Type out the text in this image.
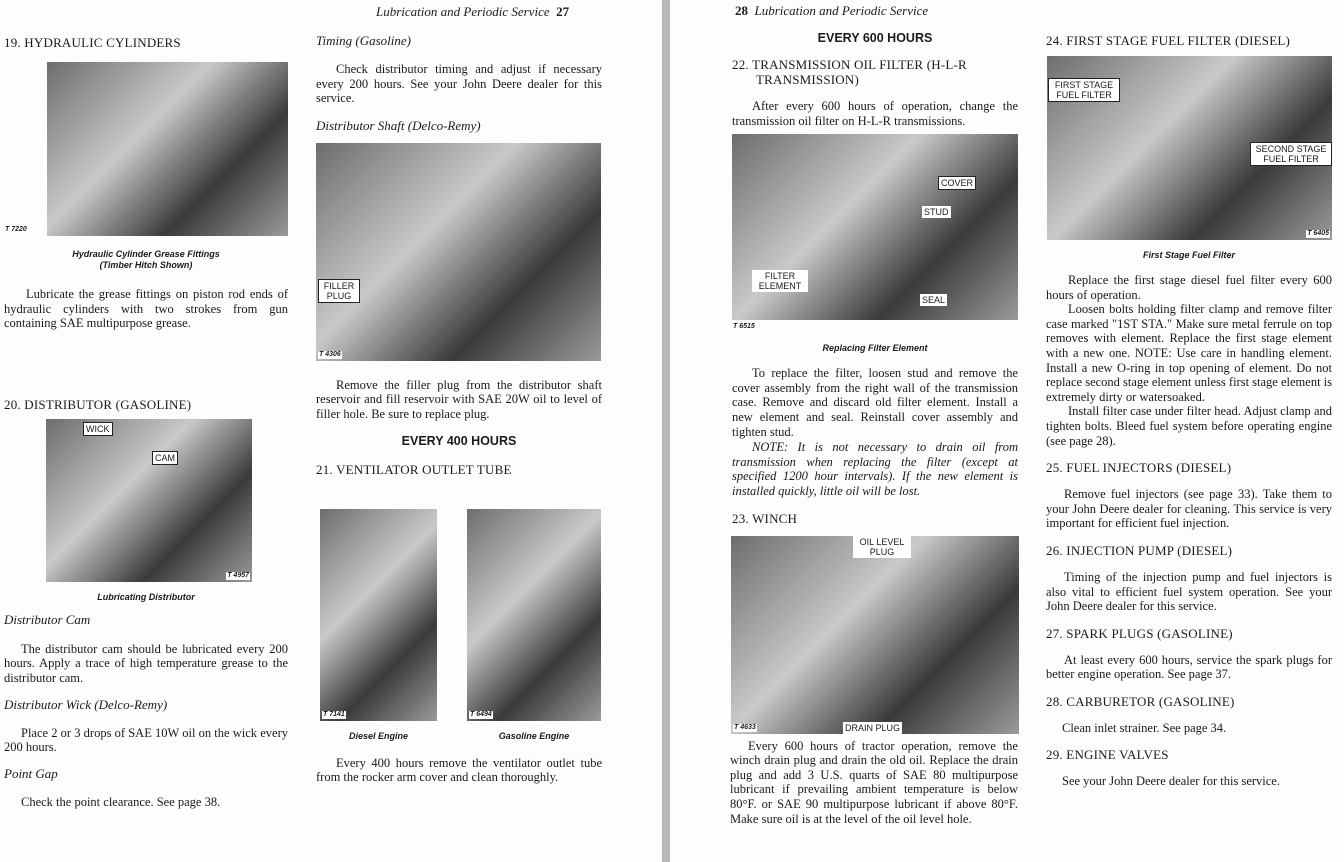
Lubrication and Periodic Service 27
19. HYDRAULIC CYLINDERS
T 7220
Hydraulic Cylinder Grease Fittings
(Timber Hitch Shown)
Lubricate the grease fittings on piston rod ends of hydraulic cylinders with two strokes from gun containing SAE multipurpose grease.
20. DISTRIBUTOR (GASOLINE)
WICK
CAM
T 4957
Lubricating Distributor
Distributor Cam
The distributor cam should be lubricated every 200 hours. Apply a trace of high temperature grease to the distributor cam.
Distributor Wick (Delco-Remy)
Place 2 or 3 drops of SAE 10W oil on the wick every 200 hours.
Point Gap
Check the point clearance. See page 38.
Timing (Gasoline)
Check distributor timing and adjust if necessary every 200 hours. See your John Deere dealer for this service.
Distributor Shaft (Delco-Remy)
FILLER PLUG
T 4306
Remove the filler plug from the distributor shaft reservoir and fill reservoir with SAE 20W oil to level of filler hole. Be sure to replace plug.
EVERY 400 HOURS
21. VENTILATOR OUTLET TUBE
T 7141
Diesel Engine
T 6494
Gasoline Engine
Every 400 hours remove the ventilator outlet tube from the rocker arm cover and clean thoroughly.
28 Lubrication and Periodic Service
EVERY 600 HOURS
22. TRANSMISSION OIL FILTER (H-L-R TRANSMISSION)
After every 600 hours of operation, change the transmission oil filter on H-L-R transmissions.
COVER
STUD
FILTER ELEMENT
SEAL
T 6515
Replacing Filter Element
To replace the filter, loosen stud and remove the cover assembly from the right wall of the transmission case. Remove and discard old filter element. Install a new element and seal. Reinstall cover assembly and tighten stud.
NOTE: It is not necessary to drain oil from transmission when replacing the filter (except at specified 1200 hour intervals). If the new element is installed quickly, little oil will be lost.
23. WINCH
OIL LEVEL PLUG
DRAIN PLUG
T 4633
Every 600 hours of tractor operation, remove the winch drain plug and drain the old oil. Replace the drain plug and add 3 U.S. quarts of SAE 80 multipurpose lubricant if prevailing ambient temperature is below 80°F. or SAE 90 multipurpose lubricant if above 80°F. Make sure oil is at the level of the oil level hole.
24. FIRST STAGE FUEL FILTER (DIESEL)
FIRST STAGE FUEL FILTER
SECOND STAGE FUEL FILTER
T 6405
First Stage Fuel Filter
Replace the first stage diesel fuel filter every 600 hours of operation.
Loosen bolts holding filter clamp and remove filter case marked "1ST STA." Make sure metal ferrule on top removes with element. Replace the first stage element with a new one. NOTE: Use care in handling element. Install a new O-ring in top opening of element. Do not replace second stage element unless first stage element is extremely dirty or watersoaked.
Install filter case under filter head. Adjust clamp and tighten bolts. Bleed fuel system before operating engine (see page 28).
25. FUEL INJECTORS (DIESEL)
Remove fuel injectors (see page 33). Take them to your John Deere dealer for cleaning. This service is very important for efficient fuel injection.
26. INJECTION PUMP (DIESEL)
Timing of the injection pump and fuel injectors is also vital to efficient fuel system operation. See your John Deere dealer for this service.
27. SPARK PLUGS (GASOLINE)
At least every 600 hours, service the spark plugs for better engine operation. See page 37.
28. CARBURETOR (GASOLINE)
Clean inlet strainer. See page 34.
29. ENGINE VALVES
See your John Deere dealer for this service.
